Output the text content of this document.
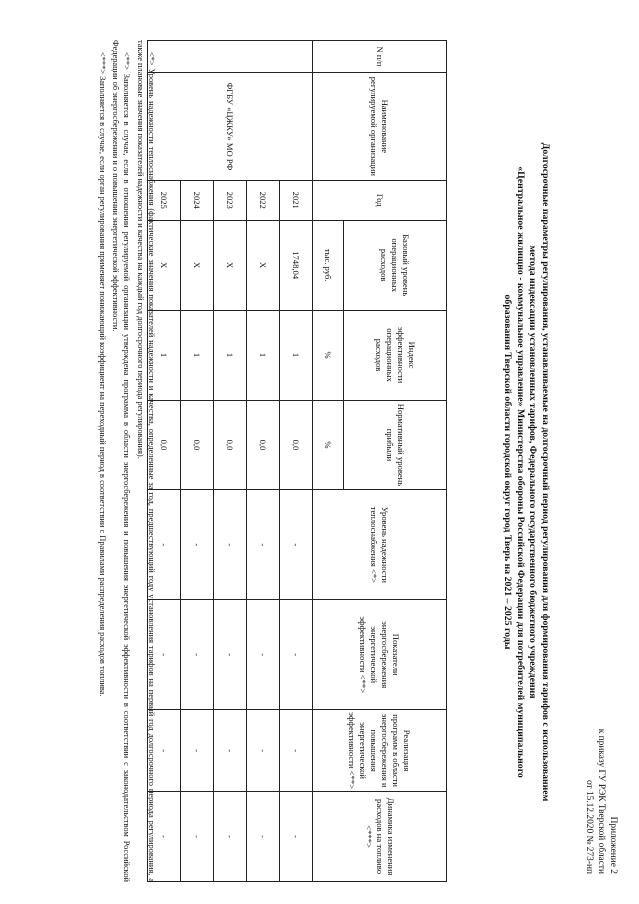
Приложение 2
к приказу ГУ РЭК Тверской области
от 15.12.2020 № 273-нп
Долгосрочные параметры регулирования, устанавливаемые на долгосрочный период регулирования для формирования тарифов с использованием
метода индексации установленных тарифов, Федерального государственного бюджетного учреждения
«Центральное жилищно - коммунальное управление» Министерства обороны Российской Федерации для потребителей муниципального
образования Тверской области городской округ город Тверь на 2021 – 2025 годы
N п/п	Наименование регулируемой организации	Год	Базовый уровень операционных расходов	Индекс эффективности операционных расходов	Нормативный уровень прибыли	Уровень надежности теплоснабжения <*>	Показатели энергосбережения энергетической эффективности <**>	Реализация программ в области энергосбережения и повышения энергетической эффективности <**>	Динамика изменения расходов на топливо <***>
			тыс. руб.	%	%				
	ФГБУ «ЦЖКУ» МО РФ	2021	1748,04	1	0,0	-	-	-	-
		2022	X	1	0,0	-	-	-	-
		2023	X	1	0,0	-	-	-	-
		2024	X	1	0,0	-	-	-	-
		2025	X	1	0,0	-	-	-	-

<*> Уровень надежности теплоснабжения (фактические значения показателей надежности и качества, определенные за год, предшествующий году установления тарифов на первый год долгосрочного периода регулирования, а также плановые значения показателей надежности и качества на каждый год долгосрочного периода регулирования).

<**> Заполняется в случае, если в отношении регулируемой организации утверждена программа в области энергосбережения и повышения энергетической эффективности в соответствии с законодательством Российской Федерации об энергосбережении и о повышении энергетической эффективности.

<***> Заполняется в случае, если орган регулирования применяет понижающий коэффициент на переходный период в соответствии с Правилами распределения расходов топлива.
